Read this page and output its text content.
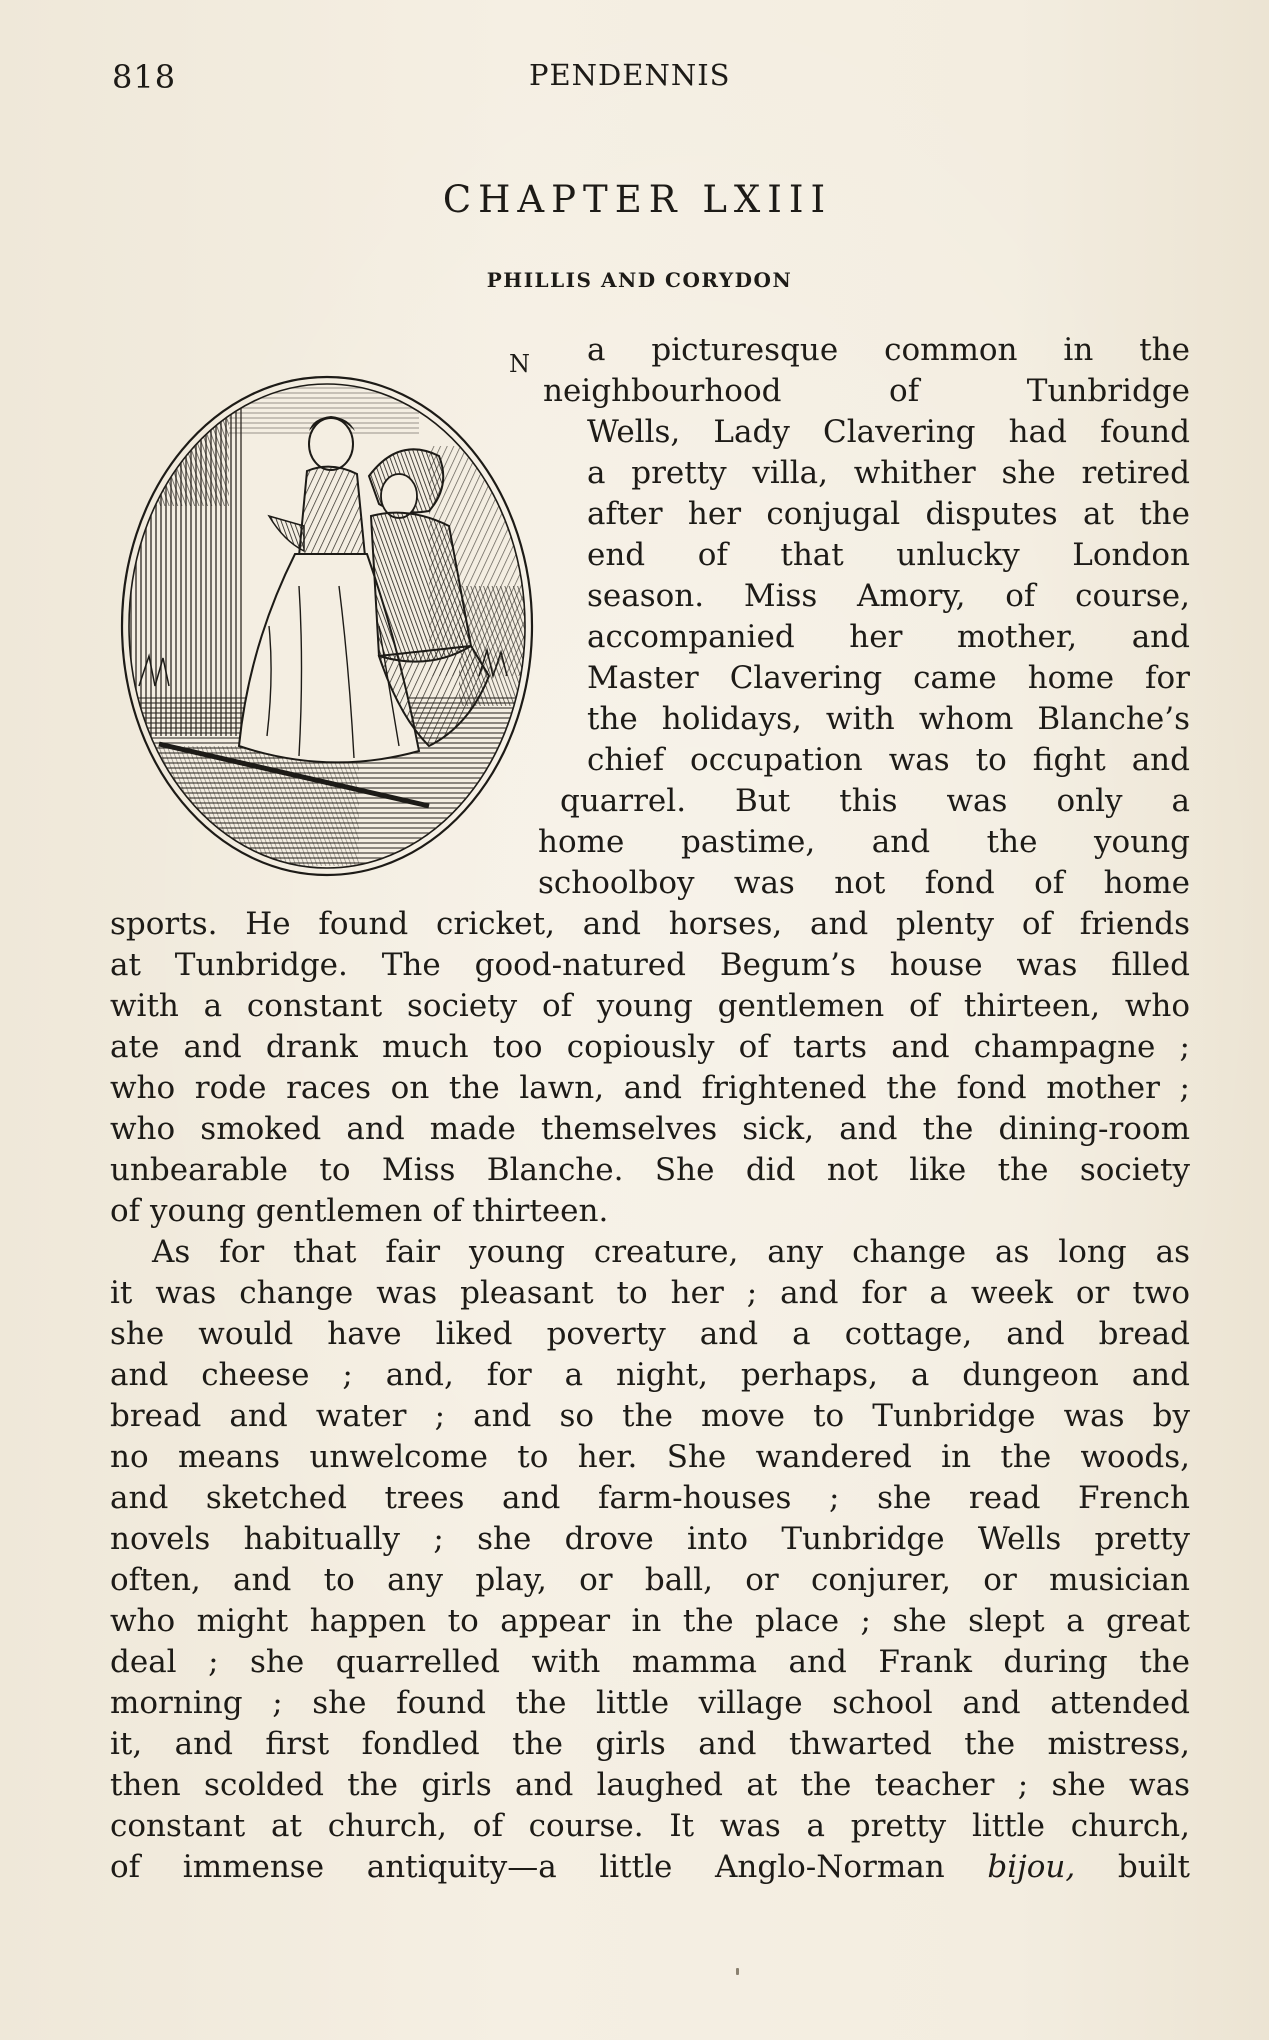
818	PENDENNIS
CHAPTER LXIII
PHILLIS AND CORYDON
N a picturesque common in the
neighbourhood of Tunbridge
Wells, Lady Clavering had found
a pretty villa, whither she retired
after her conjugal disputes at the
end of that unlucky London
season. Miss Amory, of course,
accompanied her mother, and
Master Clavering came home for
the holidays, with whom Blanche’s
chief occupation was to fight and
quarrel. But this was only a
home pastime, and the young
schoolboy was not fond of home
sports. He found cricket, and horses, and plenty of friends
at Tunbridge. The good-natured Begum’s house was filled
with a constant society of young gentlemen of thirteen, who
ate and drank much too copiously of tarts and champagne ;
who rode races on the lawn, and frightened the fond mother ;
who smoked and made themselves sick, and the dining-room
unbearable to Miss Blanche. She did not like the society
of young gentlemen of thirteen.
As for that fair young creature, any change as long as
it was change was pleasant to her ; and for a week or two
she would have liked poverty and a cottage, and bread
and cheese ; and, for a night, perhaps, a dungeon and
bread and water ; and so the move to Tunbridge was by
no means unwelcome to her. She wandered in the woods,
and sketched trees and farm-houses ; she read French
novels habitually ; she drove into Tunbridge Wells pretty
often, and to any play, or ball, or conjurer, or musician
who might happen to appear in the place ; she slept a great
deal ; she quarrelled with mamma and Frank during the
morning ; she found the little village school and attended
it, and first fondled the girls and thwarted the mistress,
then scolded the girls and laughed at the teacher ; she was
constant at church, of course. It was a pretty little church,
of immense antiquity—a little Anglo-Norman bijou, built
